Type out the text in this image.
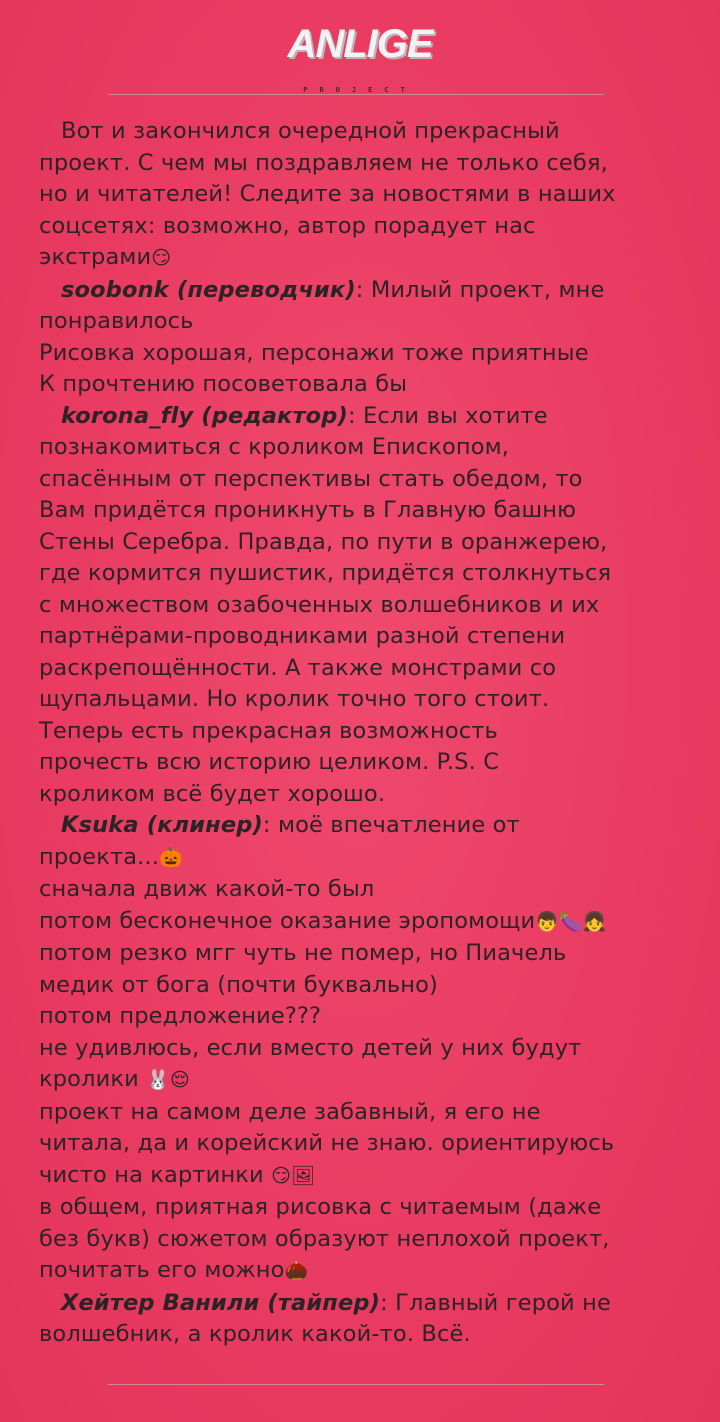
ANLIGE
PROJECT

Вот и закончился очередной прекрасный

проект. С чем мы поздравляем не только себя,

но и читателей! Следите за новостями в наших

соцсетях: возможно, автор порадует нас

экстрами😏

soobonk (переводчик): Милый проект, мне

понравилось

Рисовка хорошая, персонажи тоже приятные

К прочтению посоветовала бы

korona_fly (редактор): Если вы хотите

познакомиться с кроликом Епископом,

спасённым от перспективы стать обедом, то

Вам придётся проникнуть в Главную башню

Стены Серебра. Правда, по пути в оранжерею,

где кормится пушистик, придётся столкнуться

с множеством озабоченных волшебников и их

партнёрами-проводниками разной степени

раскрепощённости. А также монстрами со

щупальцами. Но кролик точно того стоит.

Теперь есть прекрасная возможность

прочесть всю историю целиком. P.S. С

кроликом всё будет хорошо.

Ksuka (клинер): моё впечатление от

проекта...🎃

сначала движ какой-то был

потом бесконечное оказание эропомощи👦🍆👧

потом резко мгг чуть не помер, но Пиачель

медик от бога (почти буквально)

потом предложение???

не удивлюсь, если вместо детей у них будут

кролики 🐰😌

проект на самом деле забавный, я его не

читала, да и корейский не знаю. ориентируюсь

чисто на картинки 😏🖼

в общем, приятная рисовка с читаемым (даже

без букв) сюжетом образуют неплохой проект,

почитать его можно🌰

Хейтер Ванили (тайпер): Главный герой не

волшебник, а кролик какой-то. Всё.
